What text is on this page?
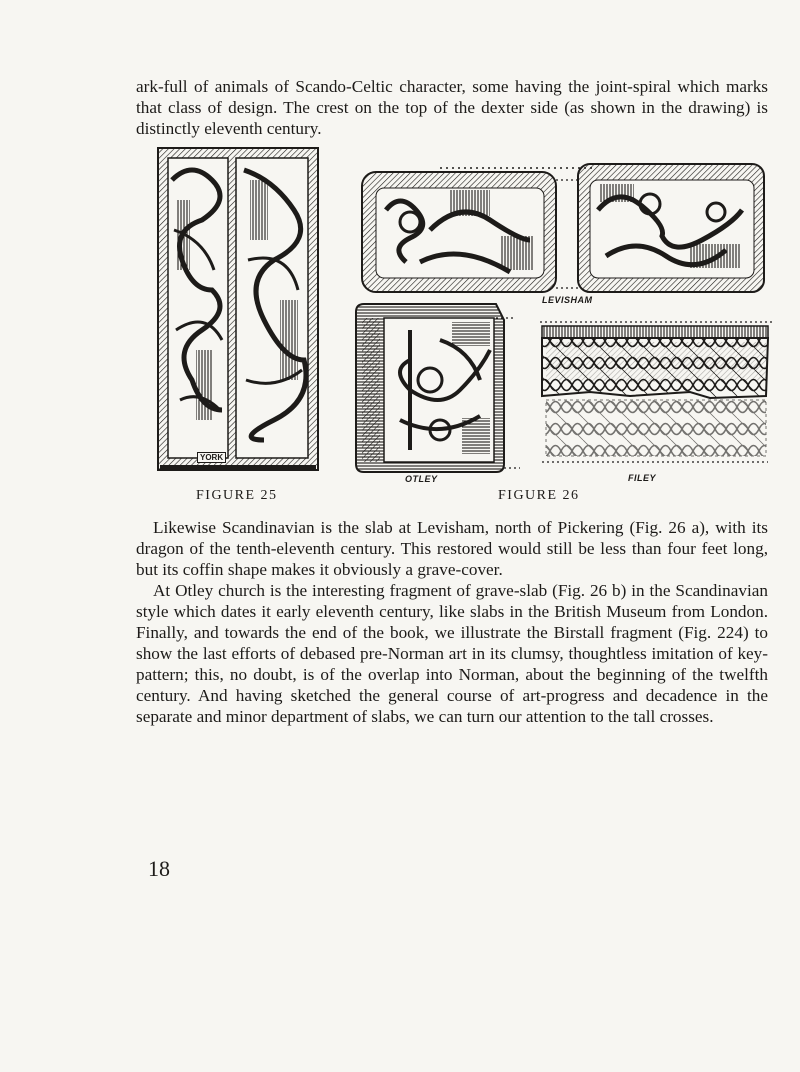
ark-full of animals of Scando-Celtic character, some having the joint-spiral which marks that class of design. The crest on the top of the dexter side (as shown in the drawing) is distinctly eleventh century.

YORK
LEVISHAM
OTLEY	FILEY
FIGURE 25	FIGURE 26

Likewise Scandinavian is the slab at Levisham, north of Pickering (Fig. 26 a), with its dragon of the tenth-eleventh century. This restored would still be less than four feet long, but its coffin shape makes it obviously a grave-cover.

At Otley church is the interesting fragment of grave-slab (Fig. 26 b) in the Scandinavian style which dates it early eleventh century, like slabs in the British Museum from London. Finally, and towards the end of the book, we illustrate the Birstall fragment (Fig. 224) to show the last efforts of debased pre-Norman art in its clumsy, thoughtless imitation of key-pattern; this, no doubt, is of the overlap into Norman, about the beginning of the twelfth century. And having sketched the general course of art-progress and decadence in the separate and minor department of slabs, we can turn our attention to the tall crosses.

18
